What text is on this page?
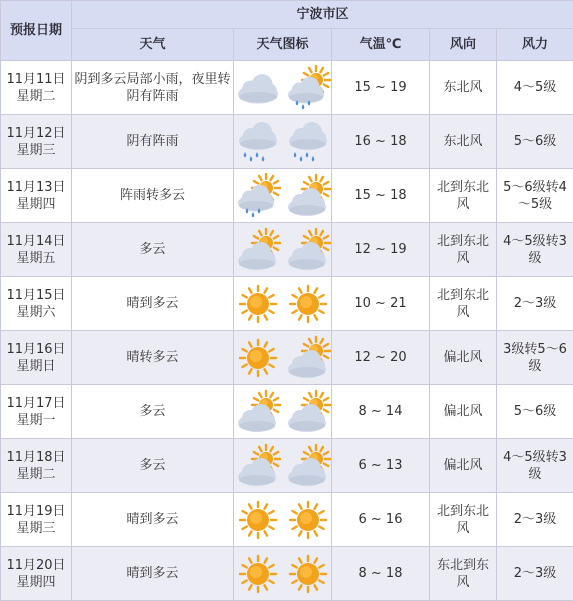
预报日期	宁波市区				
	天气	天气图标	气温℃	风向	风力

11月11日
星期二	阴到多云局部小雨，夜里转阴有阵雨		15 ~ 19	东北风	4～5级

11月12日
星期三	阴有阵雨		16 ~ 18	东北风	5～6级

11月13日
星期四	阵雨转多云		15 ~ 18	北到东北风	5～6级转4～5级

11月14日
星期五	多云		12 ~ 19	北到东北风	4～5级转3级

11月15日
星期六	晴到多云		10 ~ 21	北到东北风	2～3级

11月16日
星期日	晴转多云		12 ~ 20	偏北风	3级转5～6级

11月17日
星期一	多云		8 ~ 14	偏北风	5～6级

11月18日
星期二	多云		6 ~ 13	偏北风	4～5级转3级

11月19日
星期三	晴到多云		6 ~ 16	北到东北风	2～3级

11月20日
星期四	晴到多云		8 ~ 18	东北到东风	2～3级
